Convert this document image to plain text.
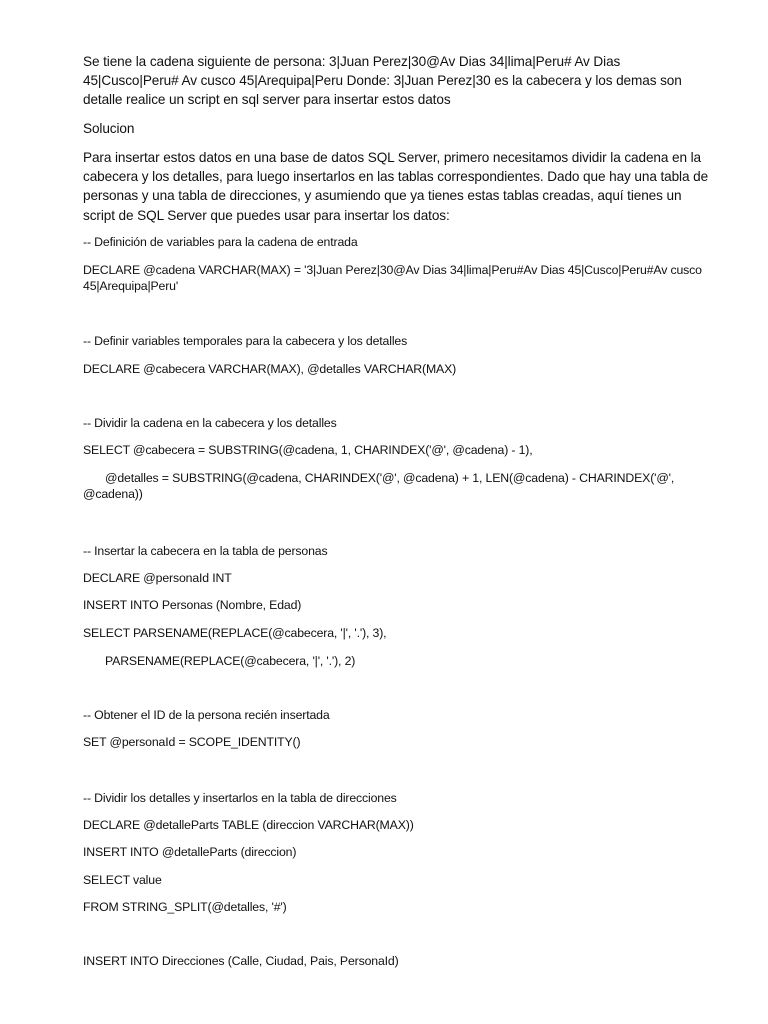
Se tiene la cadena siguiente de persona: 3|Juan Perez|30@Av Dias 34|lima|Peru# Av Dias 45|Cusco|Peru# Av cusco 45|Arequipa|Peru Donde: 3|Juan Perez|30 es la cabecera y los demas son detalle realice un script en sql server para insertar estos datos

Solucion

Para insertar estos datos en una base de datos SQL Server, primero necesitamos dividir la cadena en la cabecera y los detalles, para luego insertarlos en las tablas correspondientes. Dado que hay una tabla de personas y una tabla de direcciones, y asumiendo que ya tienes estas tablas creadas, aquí tienes un script de SQL Server que puedes usar para insertar los datos:

-- Definición de variables para la cadena de entrada

DECLARE @cadena VARCHAR(MAX) = '3|Juan Perez|30@Av Dias 34|lima|Peru#Av Dias 45|Cusco|Peru#Av cusco 45|Arequipa|Peru'

-- Definir variables temporales para la cabecera y los detalles

DECLARE @cabecera VARCHAR(MAX), @detalles VARCHAR(MAX)

-- Dividir la cadena en la cabecera y los detalles

SELECT @cabecera = SUBSTRING(@cadena, 1, CHARINDEX('@', @cadena) - 1),

@detalles = SUBSTRING(@cadena, CHARINDEX('@', @cadena) + 1, LEN(@cadena) - CHARINDEX('@', @cadena))

-- Insertar la cabecera en la tabla de personas

DECLARE @personaId INT

INSERT INTO Personas (Nombre, Edad)

SELECT PARSENAME(REPLACE(@cabecera, '|', '.'), 3),

PARSENAME(REPLACE(@cabecera, '|', '.'), 2)

-- Obtener el ID de la persona recién insertada

SET @personaId = SCOPE_IDENTITY()

-- Dividir los detalles y insertarlos en la tabla de direcciones

DECLARE @detalleParts TABLE (direccion VARCHAR(MAX))

INSERT INTO @detalleParts (direccion)

SELECT value

FROM STRING_SPLIT(@detalles, '#')

INSERT INTO Direcciones (Calle, Ciudad, Pais, PersonaId)
